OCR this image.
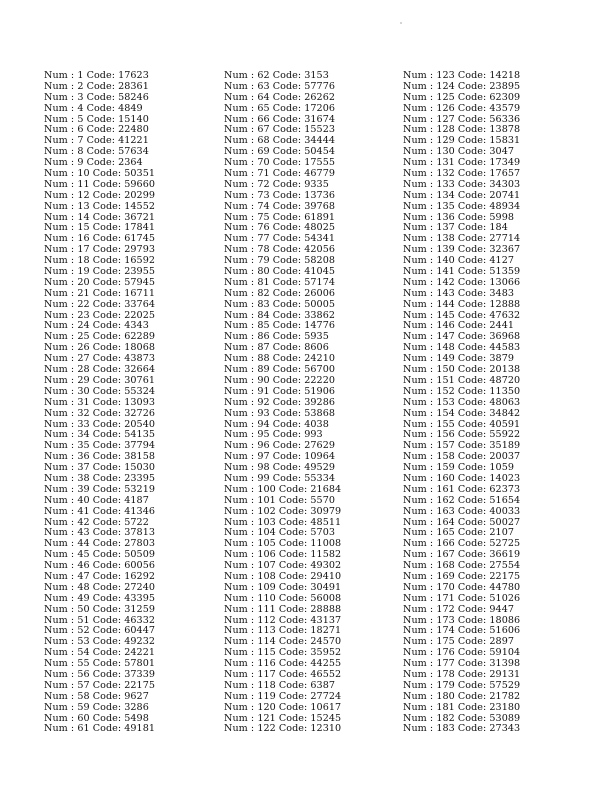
Num : 1 Code: 17623
Num : 2 Code: 28361
Num : 3 Code: 58246
Num : 4 Code: 4849
Num : 5 Code: 15140
Num : 6 Code: 22480
Num : 7 Code: 41221
Num : 8 Code: 57634
Num : 9 Code: 2364
Num : 10 Code: 50351
Num : 11 Code: 59660
Num : 12 Code: 20299
Num : 13 Code: 14552
Num : 14 Code: 36721
Num : 15 Code: 17841
Num : 16 Code: 61745
Num : 17 Code: 29793
Num : 18 Code: 16592
Num : 19 Code: 23955
Num : 20 Code: 57945
Num : 21 Code: 16711
Num : 22 Code: 33764
Num : 23 Code: 22025
Num : 24 Code: 4343
Num : 25 Code: 62289
Num : 26 Code: 18068
Num : 27 Code: 43873
Num : 28 Code: 32664
Num : 29 Code: 30761
Num : 30 Code: 55324
Num : 31 Code: 13093
Num : 32 Code: 32726
Num : 33 Code: 20540
Num : 34 Code: 54135
Num : 35 Code: 37794
Num : 36 Code: 38158
Num : 37 Code: 15030
Num : 38 Code: 23395
Num : 39 Code: 53219
Num : 40 Code: 4187
Num : 41 Code: 41346
Num : 42 Code: 5722
Num : 43 Code: 37813
Num : 44 Code: 27803
Num : 45 Code: 50509
Num : 46 Code: 60056
Num : 47 Code: 16292
Num : 48 Code: 27240
Num : 49 Code: 43395
Num : 50 Code: 31259
Num : 51 Code: 46332
Num : 52 Code: 60447
Num : 53 Code: 49232
Num : 54 Code: 24221
Num : 55 Code: 57801
Num : 56 Code: 37339
Num : 57 Code: 22175
Num : 58 Code: 9627
Num : 59 Code: 3286
Num : 60 Code: 5498
Num : 61 Code: 49181
Num : 62 Code: 3153
Num : 63 Code: 57776
Num : 64 Code: 26262
Num : 65 Code: 17206
Num : 66 Code: 31674
Num : 67 Code: 15523
Num : 68 Code: 34444
Num : 69 Code: 50454
Num : 70 Code: 17555
Num : 71 Code: 46779
Num : 72 Code: 9335
Num : 73 Code: 13736
Num : 74 Code: 39768
Num : 75 Code: 61891
Num : 76 Code: 48025
Num : 77 Code: 54341
Num : 78 Code: 42056
Num : 79 Code: 58208
Num : 80 Code: 41045
Num : 81 Code: 57174
Num : 82 Code: 26006
Num : 83 Code: 50005
Num : 84 Code: 33862
Num : 85 Code: 14776
Num : 86 Code: 5935
Num : 87 Code: 8606
Num : 88 Code: 24210
Num : 89 Code: 56700
Num : 90 Code: 22220
Num : 91 Code: 51906
Num : 92 Code: 39286
Num : 93 Code: 53868
Num : 94 Code: 4038
Num : 95 Code: 993
Num : 96 Code: 27629
Num : 97 Code: 10964
Num : 98 Code: 49529
Num : 99 Code: 55334
Num : 100 Code: 21684
Num : 101 Code: 5570
Num : 102 Code: 30979
Num : 103 Code: 48511
Num : 104 Code: 5703
Num : 105 Code: 11008
Num : 106 Code: 11582
Num : 107 Code: 49302
Num : 108 Code: 29410
Num : 109 Code: 30491
Num : 110 Code: 56008
Num : 111 Code: 28888
Num : 112 Code: 43137
Num : 113 Code: 18271
Num : 114 Code: 24570
Num : 115 Code: 35952
Num : 116 Code: 44255
Num : 117 Code: 46552
Num : 118 Code: 6387
Num : 119 Code: 27724
Num : 120 Code: 10617
Num : 121 Code: 15245
Num : 122 Code: 12310
Num : 123 Code: 14218
Num : 124 Code: 23895
Num : 125 Code: 62309
Num : 126 Code: 43579
Num : 127 Code: 56336
Num : 128 Code: 13878
Num : 129 Code: 15831
Num : 130 Code: 3047
Num : 131 Code: 17349
Num : 132 Code: 17657
Num : 133 Code: 34303
Num : 134 Code: 20741
Num : 135 Code: 48934
Num : 136 Code: 5998
Num : 137 Code: 184
Num : 138 Code: 27714
Num : 139 Code: 32367
Num : 140 Code: 4127
Num : 141 Code: 51359
Num : 142 Code: 13066
Num : 143 Code: 3483
Num : 144 Code: 12888
Num : 145 Code: 47632
Num : 146 Code: 2441
Num : 147 Code: 36968
Num : 148 Code: 44583
Num : 149 Code: 3879
Num : 150 Code: 20138
Num : 151 Code: 48720
Num : 152 Code: 11350
Num : 153 Code: 48063
Num : 154 Code: 34842
Num : 155 Code: 40591
Num : 156 Code: 55922
Num : 157 Code: 35189
Num : 158 Code: 20037
Num : 159 Code: 1059
Num : 160 Code: 14023
Num : 161 Code: 62373
Num : 162 Code: 51654
Num : 163 Code: 40033
Num : 164 Code: 50027
Num : 165 Code: 2107
Num : 166 Code: 52725
Num : 167 Code: 36619
Num : 168 Code: 27554
Num : 169 Code: 22175
Num : 170 Code: 44780
Num : 171 Code: 51026
Num : 172 Code: 9447
Num : 173 Code: 18086
Num : 174 Code: 51606
Num : 175 Code: 2897
Num : 176 Code: 59104
Num : 177 Code: 31398
Num : 178 Code: 29131
Num : 179 Code: 57529
Num : 180 Code: 21782
Num : 181 Code: 23180
Num : 182 Code: 53089
Num : 183 Code: 27343
